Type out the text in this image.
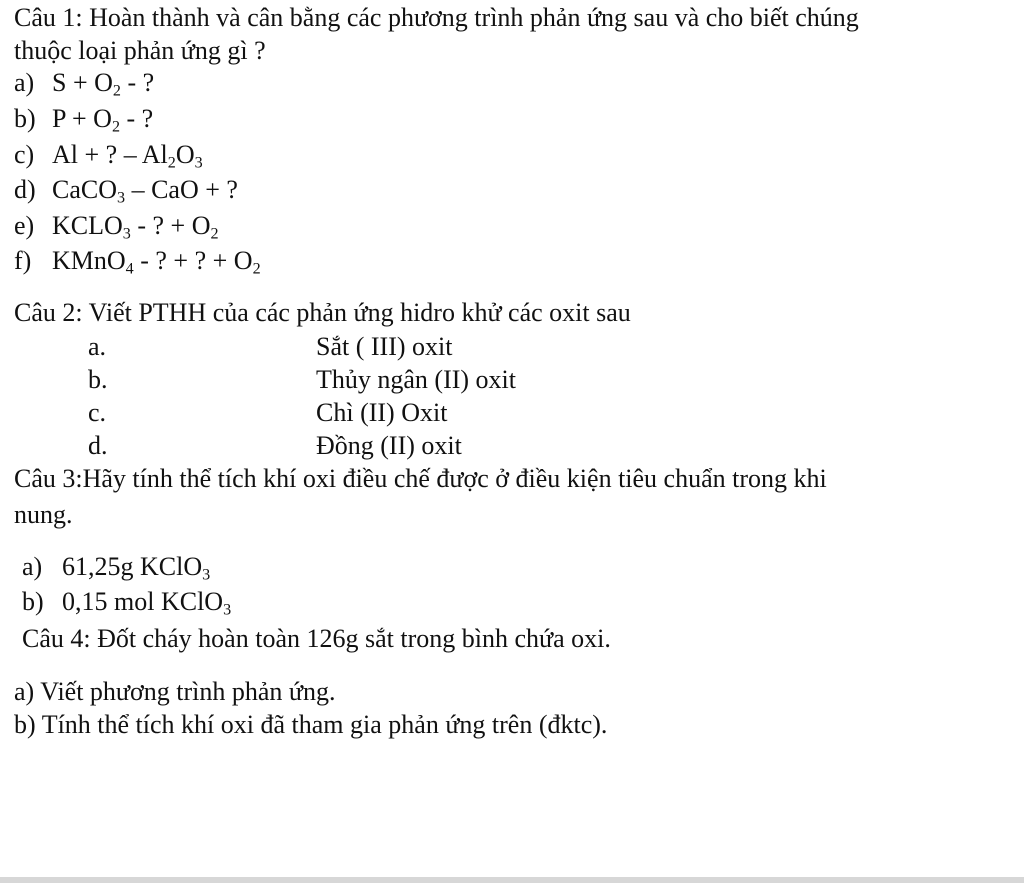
Câu 1: Hoàn thành và cân bằng các phương trình phản ứng sau và cho biết chúng
thuộc loại phản ứng gì ?
a) $S + O_2$ - ?
b) $P + O_2$ - ?
c) Al + ? – $Al_2O_3$
d) CaCO$_3$ – CaO + ?
e) $KCLO_3$ - ? + $O_2$
f) KMnO$_4$ - ? + ? + $O_2$
Câu 2: Viết PTHH của các phản ứng hidro khử các oxit sau
a.	Sắt ( III) oxit
b.	Thủy ngân (II) oxit
c.	Chì (II) Oxit
d.	Đồng (II) oxit
Câu 3:Hãy tính thể tích khí oxi điều chế được ở điều kiện tiêu chuẩn trong khi
nung.
a) 61,25g KClO$_3$
b) 0,15 mol KClO$_3$
Câu 4: Đốt cháy hoàn toàn 126g sắt trong bình chứa oxi.
a) Viết phương trình phản ứng.
b) Tính thể tích khí oxi đã tham gia phản ứng trên (đktc).
